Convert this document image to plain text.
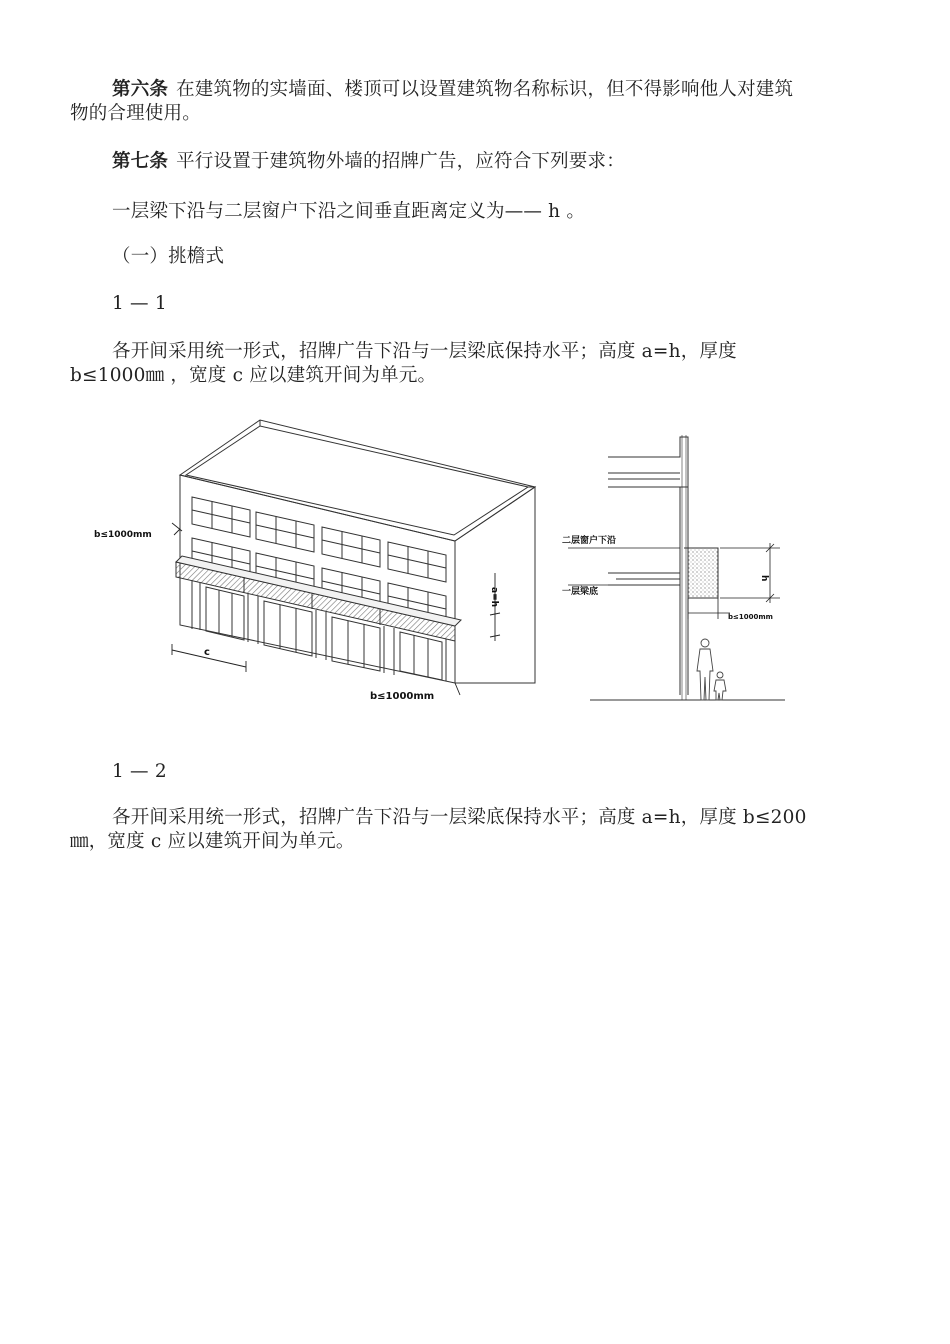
第六条 在建筑物的实墙面、楼顶可以设置建筑物名称标识，但不得影响他人对建筑物的合理使用。
第七条 平行设置于建筑物外墙的招牌广告，应符合下列要求：
一层梁下沿与二层窗户下沿之间垂直距离定义为—— h 。
（一）挑檐式
1 — 1
各开间采用统一形式，招牌广告下沿与一层梁底保持水平；高度 a=h，厚度 b≤1000㎜ ，宽度 c 应以建筑开间为单元。
b≤1000mm
c
a=h
b≤1000mm
二层窗户下沿
一层梁底
h
b≤1000mm
1 — 2
各开间采用统一形式，招牌广告下沿与一层梁底保持水平；高度 a=h，厚度 b≤200㎜，宽度 c 应以建筑开间为单元。
